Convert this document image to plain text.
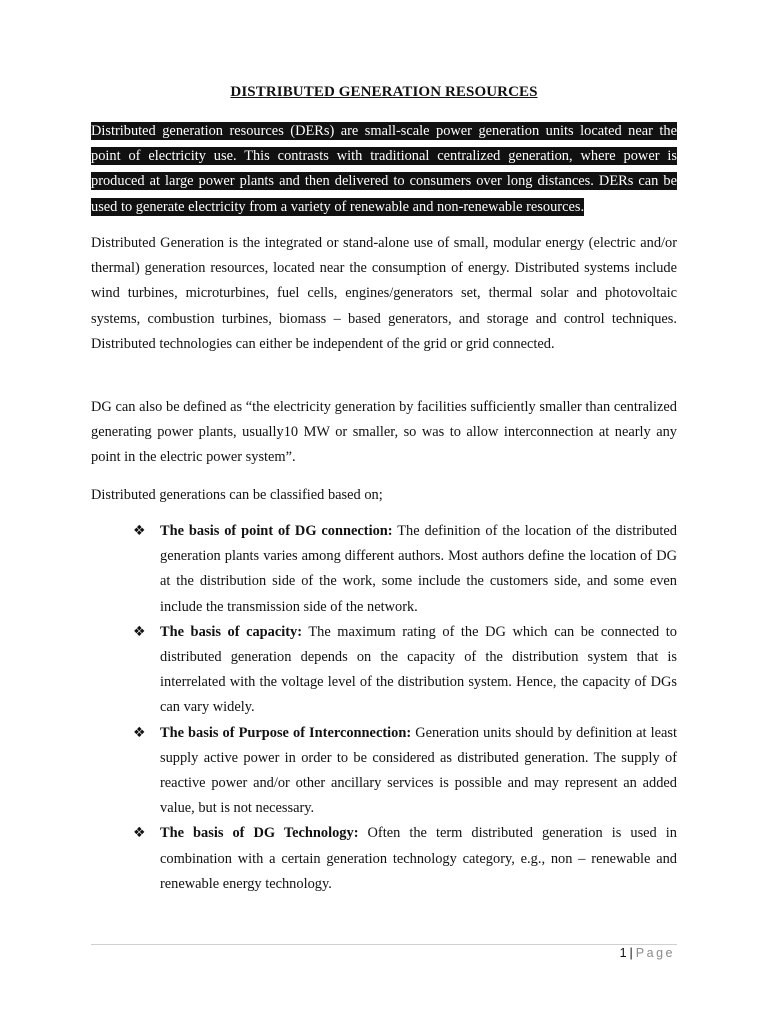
DISTRIBUTED GENERATION RESOURCES

Distributed generation resources (DERs) are small-scale power generation units located near the point of electricity use. This contrasts with traditional centralized generation, where power is produced at large power plants and then delivered to consumers over long distances. DERs can be used to generate electricity from a variety of renewable and non-renewable resources.

Distributed Generation is the integrated or stand-alone use of small, modular energy (electric and/or thermal) generation resources, located near the consumption of energy. Distributed systems include wind turbines, microturbines, fuel cells, engines/generators set, thermal solar and photovoltaic systems, combustion turbines, biomass – based generators, and storage and control techniques. Distributed technologies can either be independent of the grid or grid connected.

DG can also be defined as “the electricity generation by facilities sufficiently smaller than centralized generating power plants, usually10 MW or smaller, so was to allow interconnection at nearly any point in the electric power system”.

Distributed generations can be classified based on;

❖	The basis of point of DG connection: The definition of the location of the distributed generation plants varies among different authors. Most authors define the location of DG at the distribution side of the work, some include the customers side, and some even include the transmission side of the network.
❖	The basis of capacity: The maximum rating of the DG which can be connected to distributed generation depends on the capacity of the distribution system that is interrelated with the voltage level of the distribution system. Hence, the capacity of DGs can vary widely.
❖	The basis of Purpose of Interconnection: Generation units should by definition at least supply active power in order to be considered as distributed generation. The supply of reactive power and/or other ancillary services is possible and may represent an added value, but is not necessary.
❖	The basis of DG Technology: Often the term distributed generation is used in combination with a certain generation technology category, e.g., non – renewable and renewable energy technology.
1 | Page
